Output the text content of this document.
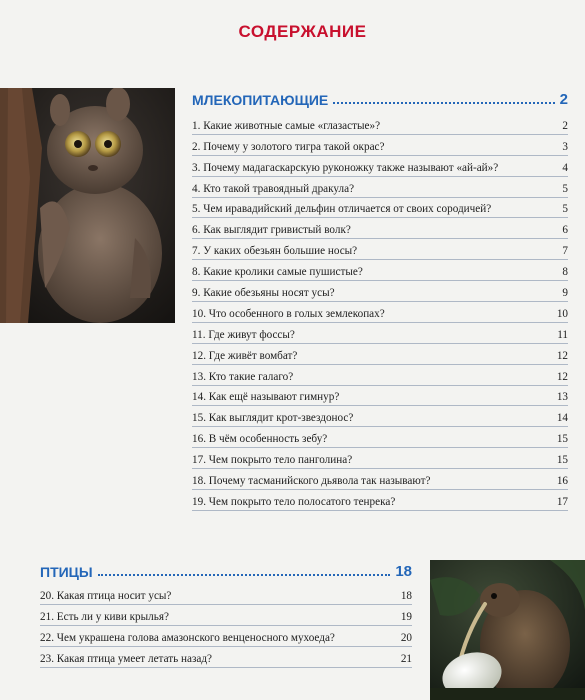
СОДЕРЖАНИЕ
МЛЕКОПИТАЮЩИЕ	2
1. Какие животные самые «глазастые»?	2
2. Почему у золотого тигра такой окрас?	3
3. Почему мадагаскарскую руконожку также называют «ай-ай»?	4
4. Кто такой травоядный дракула?	5
5. Чем иравадийский дельфин отличается от своих сородичей?	5
6. Как выглядит гривистый волк?	6
7. У каких обезьян большие носы?	7
8. Какие кролики самые пушистые?	8
9. Какие обезьяны носят усы?	9
10. Что особенного в голых землекопах?	10
11. Где живут фоссы?	11
12. Где живёт вомбат?	12
13. Кто такие галаго?	12
14. Как ещё называют гимнур?	13
15. Как выглядит крот-звездонос?	14
16. В чём особенность зебу?	15
17. Чем покрыто тело панголина?	15
18. Почему тасманийского дьявола так называют?	16
19. Чем покрыто тело полосатого тенрека?	17
ПТИЦЫ	18
20. Какая птица носит усы?	18
21. Есть ли у киви крылья?	19
22. Чем украшена голова амазонского венценосного мухоеда?	20
23. Какая птица умеет летать назад?	21
